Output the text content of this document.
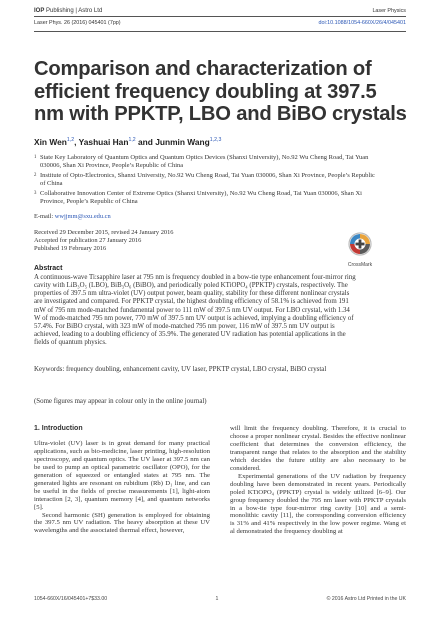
IOP Publishing | Astro Ltd	Laser Physics
Laser Phys. 26 (2016) 045401 (7pp)	doi:10.1088/1054-660X/26/4/045401
Comparison and characterization of efficient frequency doubling at 397.5 nm with PPKTP, LBO and BiBO crystals
Xin Wen$^{1,2}$, Yashuai Han$^{1,2}$ and Junmin Wang$^{1,2,3}$
1 State Key Laboratory of Quantum Optics and Quantum Optics Devices (Shanxi University), No.92 Wu Cheng Road, Tai Yuan 030006, Shan Xi Province, People’s Republic of China
2 Institute of Opto-Electronics, Shanxi University, No.92 Wu Cheng Road, Tai Yuan 030006, Shan Xi Province, People’s Republic of China
3 Collaborative Innovation Center of Extreme Optics (Shanxi University), No.92 Wu Cheng Road, Tai Yuan 030006, Shan Xi Province, People’s Republic of China
E-mail: wwjjmm@sxu.edu.cn
Received 29 December 2015, revised 24 January 2016
Accepted for publication 27 January 2016
Published 19 February 2016
CrossMark
Abstract
A continuous-wave Ti:sapphire laser at 795 nm is frequency doubled in a bow-tie type enhancement four-mirror ring cavity with LiB₃O₅ (LBO), BiB₃O₆ (BiBO), and periodically poled KTiOPO₄ (PPKTP) crystals, respectively. The properties of 397.5 nm ultra-violet (UV) output power, beam quality, stability for these different nonlinear crystals are investigated and compared. For PPKTP crystal, the highest doubling efficiency of 58.1% is achieved from 191 mW of 795 nm mode-matched fundamental power to 111 mW of 397.5 nm UV output. For LBO crystal, with 1.34 W of mode-matched 795 nm power, 770 mW of 397.5 nm UV output is achieved, implying a doubling efficiency of 57.4%. For BiBO crystal, with 323 mW of mode-matched 795 nm power, 116 mW of 397.5 nm UV output is achieved, leading to a doubling efficiency of 35.9%. The generated UV radiation has potential applications in the fields of quantum physics.
Keywords: frequency doubling, enhancement cavity, UV laser, PPKTP crystal, LBO crystal, BiBO crystal
(Some figures may appear in colour only in the online journal)
1. Introduction

Ultra-violet (UV) laser is in great demand for many practical applications, such as bio-medicine, laser printing, high-resolution spectroscopy, and quantum optics. The UV laser at 397.5 nm can be used to pump an optical parametric oscillator (OPO), for the generation of squeezed or entangled states at 795 nm. The generated lights are resonant on rubidium (Rb) D₁ line, and can be useful in the fields of precise measurements [1], light-atom interaction [2, 3], quantum memory [4], and quantum networks [5].

Second harmonic (SH) generation is employed for obtaining the 397.5 nm UV radiation. The heavy absorption at these UV wavelengths and the associated thermal effect, however,

will limit the frequency doubling. Therefore, it is crucial to choose a proper nonlinear crystal. Besides the effective nonlinear coefficient that determines the conversion efficiency, the transparent range that relates to the absorption and the stability which decides the future utility are also necessary to be considered.

Experimental generations of the UV radiation by frequency doubling have been demonstrated in recent years. Periodically poled KTiOPO₄ (PPKTP) crystal is widely utilized [6–9]. Our group frequency doubled the 795 nm laser with PPKTP crystals in a bow-tie type four-mirror ring cavity [10] and a semi-monolithic cavity [11], the corresponding conversion efficiency is 31% and 41% respectively in the low power regime. Wang et al demonstrated the frequency doubling at

1054-660X/16/045401+7$33.00	1	© 2016 Astro Ltd Printed in the UK
